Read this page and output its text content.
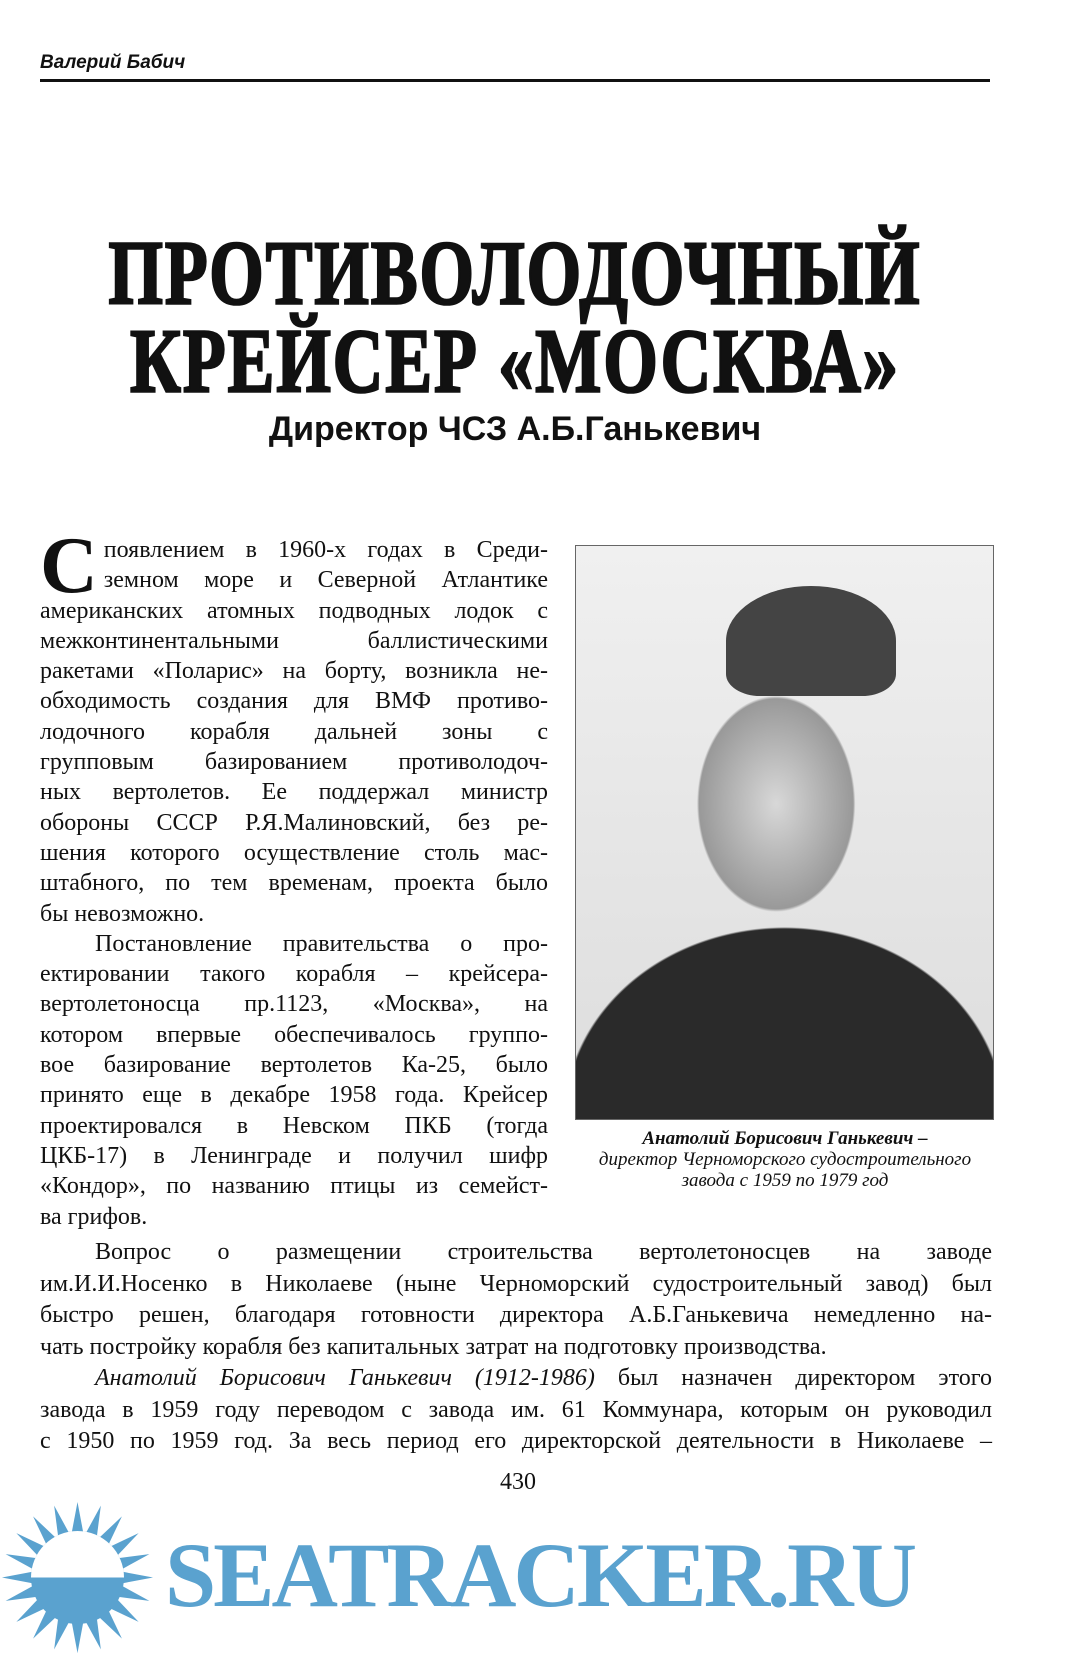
Валерий Бабич
ПРОТИВОЛОДОЧНЫЙ
КРЕЙСЕР «МОСКВА»
Директор ЧСЗ А.Б.Ганькевич
С появлением в 1960-х годах в Среди-
земном море и Северной Атлантике
американских атомных подводных лодок с
межконтинентальными баллистическими
ракетами «Поларис» на борту, возникла не-
обходимость создания для ВМФ противо-
лодочного корабля дальней зоны с
групповым базированием противолодоч-
ных вертолетов. Ее поддержал министр
обороны СССР Р.Я.Малиновский, без ре-
шения которого осуществление столь мас-
штабного, по тем временам, проекта было
бы невозможно.
Постановление правительства о про-
ектировании такого корабля – крейсера-
вертолетоносца пр.1123, «Москва», на
котором впервые обеспечивалось группо-
вое базирование вертолетов Ка-25, было
принято еще в декабре 1958 года. Крейсер
проектировался в Невском ПКБ (тогда
ЦКБ-17) в Ленинграде и получил шифр
«Кондор», по названию птицы из семейст-
ва грифов.
Анатолий Борисович Ганькевич –
директор Черноморского судостроительного
завода с 1959 по 1979 год
Вопрос о размещении строительства вертолетоносцев на заводе
им.И.И.Носенко в Николаеве (ныне Черноморский судостроительный завод) был
быстро решен, благодаря готовности директора А.Б.Ганькевича немедленно на-
чать постройку корабля без капитальных затрат на подготовку производства.
Анатолий Борисович Ганькевич (1912-1986) был назначен директором этого
завода в 1959 году переводом с завода им. 61 Коммунара, которым он руководил
с 1950 по 1959 год. За весь период его директорской деятельности в Николаеве –
430
SEATRACKER.RU
